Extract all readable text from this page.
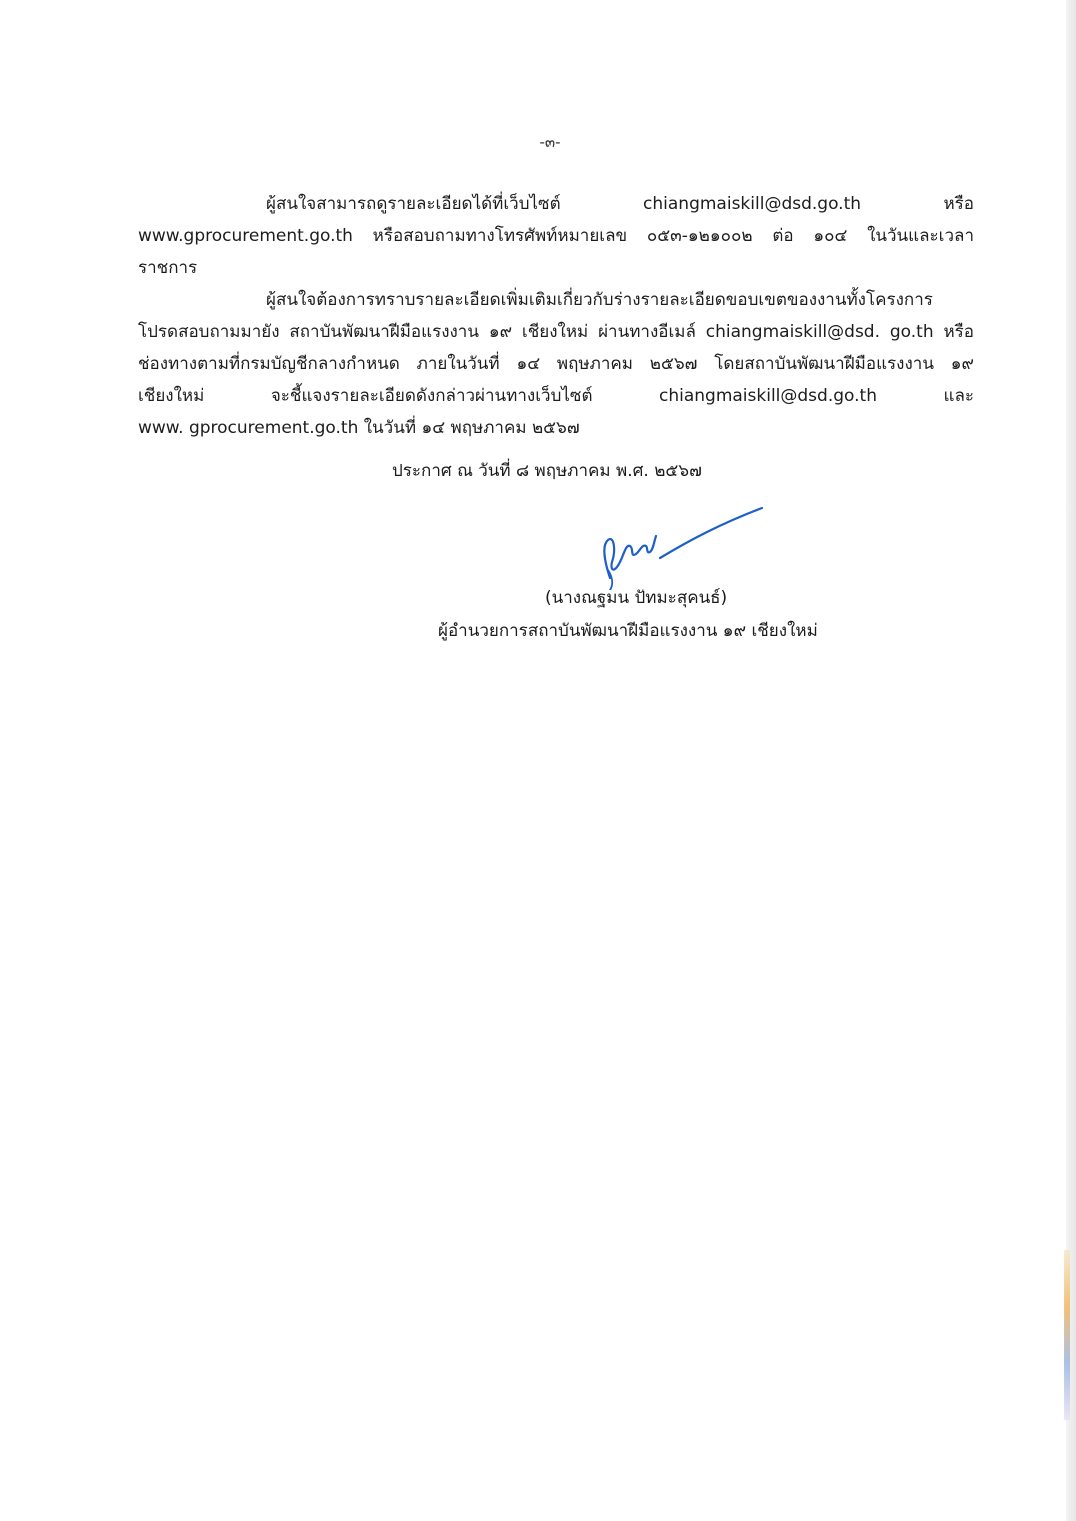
-๓-
ผู้สนใจสามารถดูรายละเอียดได้ที่เว็บไซต์ chiangmaiskill@dsd.go.th หรือ
www.gprocurement.go.th หรือสอบถามทางโทรศัพท์หมายเลข ๐๕๓-๑๒๑๐๐๒ ต่อ ๑๐๔ ในวันและเวลา
ราชการ
ผู้สนใจต้องการทราบรายละเอียดเพิ่มเติมเกี่ยวกับร่างรายละเอียดขอบเขตของงานทั้งโครงการ
โปรดสอบถามมายัง สถาบันพัฒนาฝีมือแรงงาน ๑๙ เชียงใหม่ ผ่านทางอีเมล์ chiangmaiskill@dsd. go.th หรือ
ช่องทางตามที่กรมบัญชีกลางกำหนด ภายในวันที่ ๑๔ พฤษภาคม ๒๕๖๗ โดยสถาบันพัฒนาฝีมือแรงงาน ๑๙
เชียงใหม่ จะชี้แจงรายละเอียดดังกล่าวผ่านทางเว็บไซต์ chiangmaiskill@dsd.go.th และ
www. gprocurement.go.th ในวันที่ ๑๔ พฤษภาคม ๒๕๖๗
ประกาศ ณ วันที่ ๘ พฤษภาคม พ.ศ. ๒๕๖๗
(นางณฐมน ปัทมะสุคนธ์)
ผู้อำนวยการสถาบันพัฒนาฝีมือแรงงาน ๑๙ เชียงใหม่
